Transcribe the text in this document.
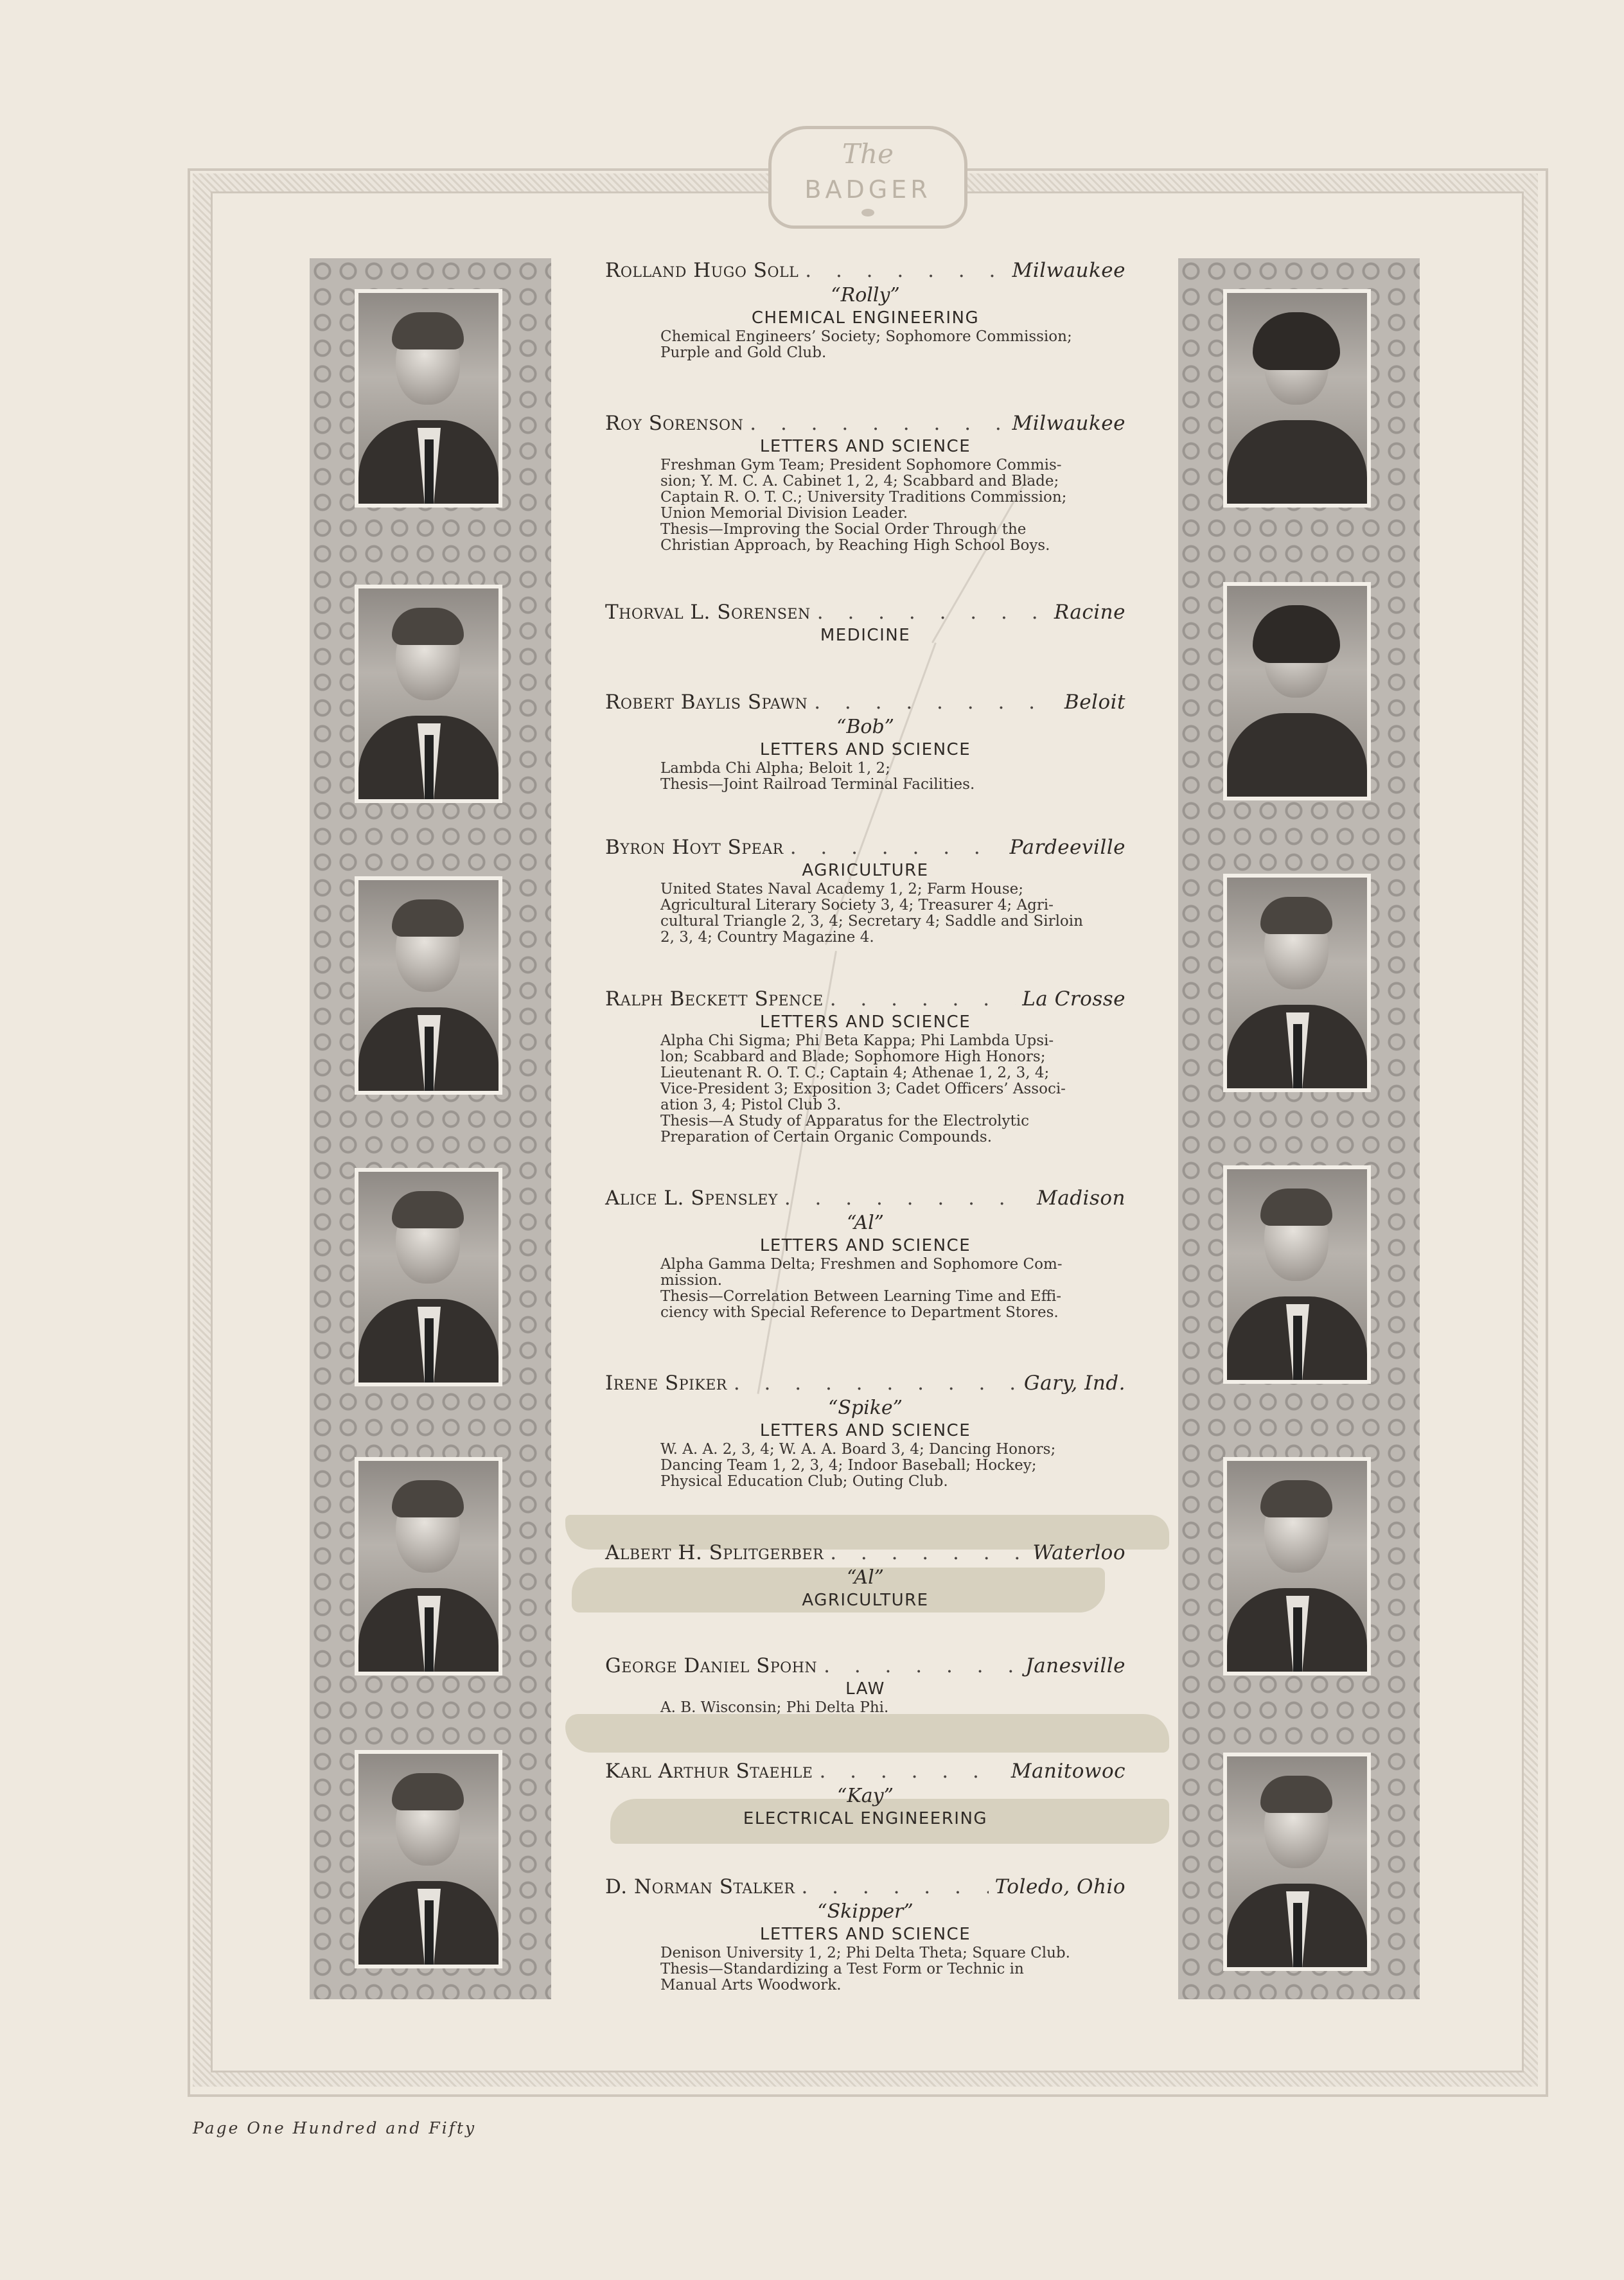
The
BADGER
Rolland Hugo Soll . . .	Milwaukee
“Rolly”
CHEMICAL ENGINEERING
Chemical Engineers’ Society; Sophomore Commission;
Purple and Gold Club.
Roy Sorenson . . .	Milwaukee
LETTERS AND SCIENCE
Freshman Gym Team; President Sophomore Commis-
sion; Y. M. C. A. Cabinet 1, 2, 4; Scabbard and Blade;
Captain R. O. T. C.; University Traditions Commission;
Union Memorial Division Leader.
Thesis—Improving the Social Order Through the
Christian Approach, by Reaching High School Boys.
Thorval L. Sorensen . . .	Racine
MEDICINE
Robert Baylis Spawn . . .	Beloit
“Bob”
LETTERS AND SCIENCE
Lambda Chi Alpha; Beloit 1, 2;
Thesis—Joint Railroad Terminal Facilities.
Byron Hoyt Spear . . .	Pardeeville
AGRICULTURE
United States Naval Academy 1, 2; Farm House;
Agricultural Literary Society 3, 4; Treasurer 4; Agri-
cultural Triangle 2, 3, 4; Secretary 4; Saddle and Sirloin
2, 3, 4; Country Magazine 4.
Ralph Beckett Spence . . .	La Crosse
LETTERS AND SCIENCE
Alpha Chi Sigma; Phi Beta Kappa; Phi Lambda Upsi-
lon; Scabbard and Blade; Sophomore High Honors;
Lieutenant R. O. T. C.; Captain 4; Athenae 1, 2, 3, 4;
Vice-President 3; Exposition 3; Cadet Officers’ Associ-
ation 3, 4; Pistol Club 3.
Thesis—A Study of Apparatus for the Electrolytic
Preparation of Certain Organic Compounds.
Alice L. Spensley . . .	Madison
“Al”
LETTERS AND SCIENCE
Alpha Gamma Delta; Freshmen and Sophomore Com-
mission.
Thesis—Correlation Between Learning Time and Effi-
ciency with Special Reference to Department Stores.
Irene Spiker . . .	Gary, Ind.
“Spike”
LETTERS AND SCIENCE
W. A. A. 2, 3, 4; W. A. A. Board 3, 4; Dancing Honors;
Dancing Team 1, 2, 3, 4; Indoor Baseball; Hockey;
Physical Education Club; Outing Club.
Albert H. Splitgerber . . .	Waterloo
“Al”
AGRICULTURE
George Daniel Spohn . . .	Janesville
LAW
A. B. Wisconsin; Phi Delta Phi.
Karl Arthur Staehle . . .	Manitowoc
“Kay”
ELECTRICAL ENGINEERING
D. Norman Stalker . . .	Toledo, Ohio
“Skipper”
LETTERS AND SCIENCE
Denison University 1, 2; Phi Delta Theta; Square Club.
Thesis—Standardizing a Test Form or Technic in
Manual Arts Woodwork.
Page One Hundred and Fifty
